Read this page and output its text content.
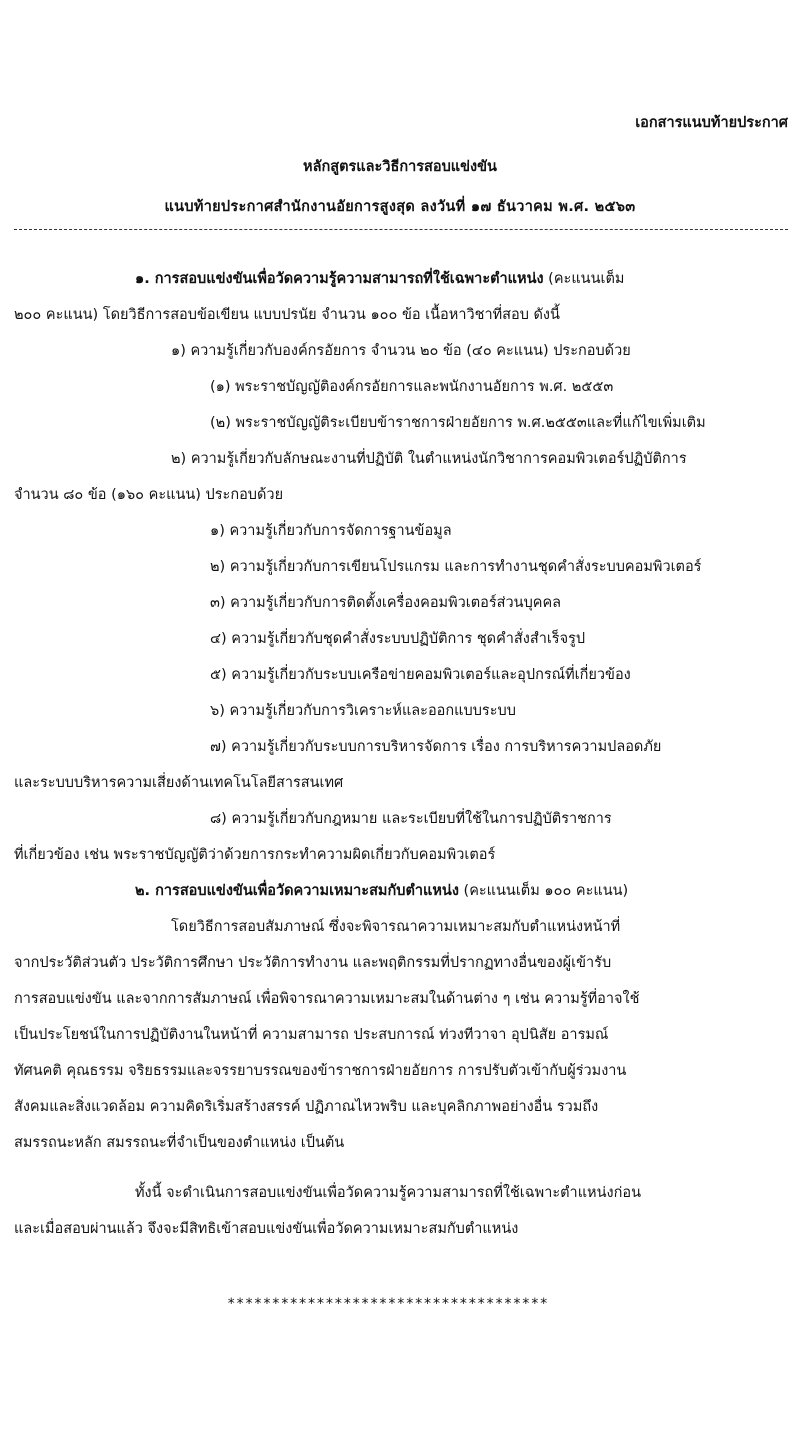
เอกสารแนบท้ายประกาศ
หลักสูตรและวิธีการสอบแข่งขัน
แนบท้ายประกาศสำนักงานอัยการสูงสุด ลงวันที่ ๑๗ ธันวาคม พ.ศ. ๒๕๖๓
๑. การสอบแข่งขันเพื่อวัดความรู้ความสามารถที่ใช้เฉพาะตำแหน่ง (คะแนนเต็ม
๒๐๐ คะแนน) โดยวิธีการสอบข้อเขียน แบบปรนัย จำนวน ๑๐๐ ข้อ เนื้อหาวิชาที่สอบ ดังนี้
๑) ความรู้เกี่ยวกับองค์กรอัยการ จำนวน ๒๐ ข้อ (๔๐ คะแนน) ประกอบด้วย
(๑) พระราชบัญญัติองค์กรอัยการและพนักงานอัยการ พ.ศ. ๒๕๕๓
(๒) พระราชบัญญัติระเบียบข้าราชการฝ่ายอัยการ พ.ศ.๒๕๕๓และที่แก้ไขเพิ่มเติม
๒) ความรู้เกี่ยวกับลักษณะงานที่ปฏิบัติ ในตำแหน่งนักวิชาการคอมพิวเตอร์ปฏิบัติการ
จำนวน ๘๐ ข้อ (๑๖๐ คะแนน) ประกอบด้วย
๑) ความรู้เกี่ยวกับการจัดการฐานข้อมูล
๒) ความรู้เกี่ยวกับการเขียนโปรแกรม และการทำงานชุดคำสั่งระบบคอมพิวเตอร์
๓) ความรู้เกี่ยวกับการติดตั้งเครื่องคอมพิวเตอร์ส่วนบุคคล
๔) ความรู้เกี่ยวกับชุดคำสั่งระบบปฏิบัติการ ชุดคำสั่งสำเร็จรูป
๕) ความรู้เกี่ยวกับระบบเครือข่ายคอมพิวเตอร์และอุปกรณ์ที่เกี่ยวข้อง
๖) ความรู้เกี่ยวกับการวิเคราะห์และออกแบบระบบ
๗) ความรู้เกี่ยวกับระบบการบริหารจัดการ เรื่อง การบริหารความปลอดภัย
และระบบบริหารความเสี่ยงด้านเทคโนโลยีสารสนเทศ
๘) ความรู้เกี่ยวกับกฎหมาย และระเบียบที่ใช้ในการปฏิบัติราชการ
ที่เกี่ยวข้อง เช่น พระราชบัญญัติว่าด้วยการกระทำความผิดเกี่ยวกับคอมพิวเตอร์
๒. การสอบแข่งขันเพื่อวัดความเหมาะสมกับตำแหน่ง (คะแนนเต็ม ๑๐๐ คะแนน)
โดยวิธีการสอบสัมภาษณ์ ซึ่งจะพิจารณาความเหมาะสมกับตำแหน่งหน้าที่
จากประวัติส่วนตัว ประวัติการศึกษา ประวัติการทำงาน และพฤติกรรมที่ปรากฏทางอื่นของผู้เข้ารับ
การสอบแข่งขัน และจากการสัมภาษณ์ เพื่อพิจารณาความเหมาะสมในด้านต่าง ๆ เช่น ความรู้ที่อาจใช้
เป็นประโยชน์ในการปฏิบัติงานในหน้าที่ ความสามารถ ประสบการณ์ ท่วงทีวาจา อุปนิสัย อารมณ์
ทัศนคติ คุณธรรม จริยธรรมและจรรยาบรรณของข้าราชการฝ่ายอัยการ การปรับตัวเข้ากับผู้ร่วมงาน
สังคมและสิ่งแวดล้อม ความคิดริเริ่มสร้างสรรค์ ปฏิภาณไหวพริบ และบุคลิกภาพอย่างอื่น รวมถึง
สมรรถนะหลัก สมรรถนะที่จำเป็นของตำแหน่ง เป็นต้น
ทั้งนี้ จะดำเนินการสอบแข่งขันเพื่อวัดความรู้ความสามารถที่ใช้เฉพาะตำแหน่งก่อน
และเมื่อสอบผ่านแล้ว จึงจะมีสิทธิเข้าสอบแข่งขันเพื่อวัดความเหมาะสมกับตำแหน่ง
************************************
